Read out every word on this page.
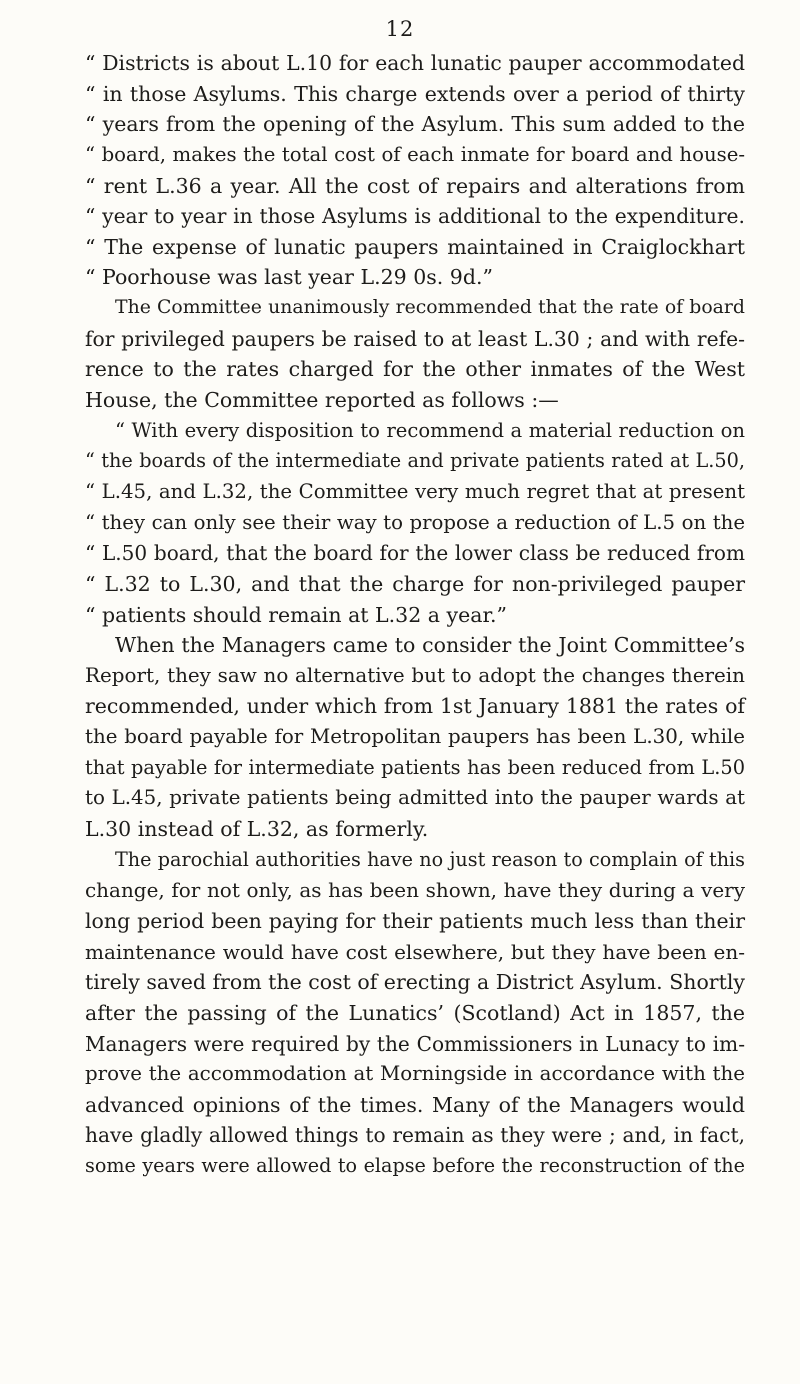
12
“ Districts is about L.10 for each lunatic pauper accommodated
“ in those Asylums. This charge extends over a period of thirty
“ years from the opening of the Asylum. This sum added to the
“ board, makes the total cost of each inmate for board and house-
“ rent L.36 a year. All the cost of repairs and alterations from
“ year to year in those Asylums is additional to the expenditure.
“ The expense of lunatic paupers maintained in Craiglockhart
“ Poorhouse was last year L.29 0s. 9d.”
The Committee unanimously recommended that the rate of board
for privileged paupers be raised to at least L.30 ; and with refe-
rence to the rates charged for the other inmates of the West
House, the Committee reported as follows :—
“ With every disposition to recommend a material reduction on
“ the boards of the intermediate and private patients rated at L.50,
“ L.45, and L.32, the Committee very much regret that at present
“ they can only see their way to propose a reduction of L.5 on the
“ L.50 board, that the board for the lower class be reduced from
“ L.32 to L.30, and that the charge for non-privileged pauper
“ patients should remain at L.32 a year.”
When the Managers came to consider the Joint Committee’s
Report, they saw no alternative but to adopt the changes therein
recommended, under which from 1st January 1881 the rates of
the board payable for Metropolitan paupers has been L.30, while
that payable for intermediate patients has been reduced from L.50
to L.45, private patients being admitted into the pauper wards at
L.30 instead of L.32, as formerly.
The parochial authorities have no just reason to complain of this
change, for not only, as has been shown, have they during a very
long period been paying for their patients much less than their
maintenance would have cost elsewhere, but they have been en-
tirely saved from the cost of erecting a District Asylum. Shortly
after the passing of the Lunatics’ (Scotland) Act in 1857, the
Managers were required by the Commissioners in Lunacy to im-
prove the accommodation at Morningside in accordance with the
advanced opinions of the times. Many of the Managers would
have gladly allowed things to remain as they were ; and, in fact,
some years were allowed to elapse before the reconstruction of the
